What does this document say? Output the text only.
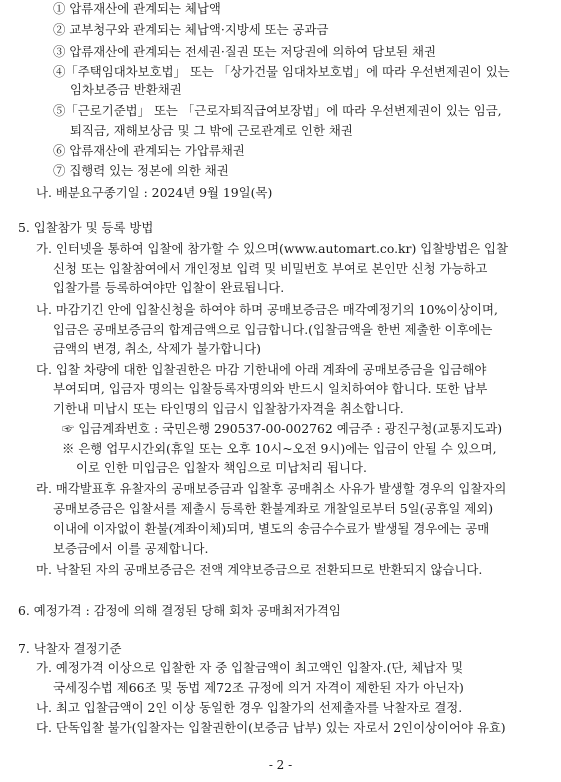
① 압류재산에 관계되는 체납액
② 교부청구와 관계되는 체납액·지방세 또는 공과금
③ 압류재산에 관계되는 전세권·질권 또는 저당권에 의하여 담보된 채권
④「주택임대차보호법」 또는 「상가건물 임대차보호법」에 따라 우선변제권이 있는
임차보증금 반환채권
⑤「근로기준법」 또는 「근로자퇴직급여보장법」에 따라 우선변제권이 있는 임금,
퇴직금, 재해보상금 및 그 밖에 근로관계로 인한 채권
⑥ 압류재산에 관계되는 가압류채권
⑦ 집행력 있는 정본에 의한 채권
나. 배분요구종기일 : 2024년 9월 19일(목)
5. 입찰참가 및 등록 방법
가. 인터넷을 통하여 입찰에 참가할 수 있으며(www.automart.co.kr) 입찰방법은 입찰
신청 또는 입찰참여에서 개인정보 입력 및 비밀번호 부여로 본인만 신청 가능하고
입찰가를 등록하여야만 입찰이 완료됩니다.
나. 마감기긴 안에 입찰신청을 하여야 하며 공매보증금은 매각예정기의 10%이상이며,
입금은 공매보증금의 합계금액으로 입금합니다.(입찰금액을 한번 제출한 이후에는
금액의 변경, 취소, 삭제가 불가합니다)
다. 입찰 차량에 대한 입찰권한은 마감 기한내에 아래 계좌에 공매보증금을 입금해야
부여되며, 입금자 명의는 입찰등록자명의와 반드시 일치하여야 합니다. 또한 납부
기한내 미납시 또는 타인명의 입금시 입찰참가자격을 취소합니다.
☞ 입금계좌번호 : 국민은행 290537-00-002762 예금주 : 광진구청(교통지도과)
※ 은행 업무시간외(휴일 또는 오후 10시~오전 9시)에는 입금이 안될 수 있으며,
이로 인한 미입금은 입찰자 책임으로 미납처리 됩니다.
라. 매각발표후 유찰자의 공매보증금과 입찰후 공매취소 사유가 발생할 경우의 입찰자의
공매보증금은 입찰서를 제출시 등록한 환불계좌로 개찰일로부터 5일(공휴일 제외)
이내에 이자없이 환불(계좌이체)되며, 별도의 송금수수료가 발생될 경우에는 공매
보증금에서 이를 공제합니다.
마. 낙찰된 자의 공매보증금은 전액 계약보증금으로 전환되므로 반환되지 않습니다.
6. 예정가격 : 감정에 의해 결정된 당해 회차 공매최저가격임
7. 낙찰자 결정기준
가. 예정가격 이상으로 입찰한 자 중 입찰금액이 최고액인 입찰자.(단, 체납자 및
국세징수법 제66조 및 동법 제72조 규정에 의거 자격이 제한된 자가 아닌자)
나. 최고 입찰금액이 2인 이상 동일한 경우 입찰가의 선제출자를 낙찰자로 결정.
다. 단독입찰 불가(입찰자는 입찰권한이(보증금 납부) 있는 자로서 2인이상이어야 유효)
- 2 -
